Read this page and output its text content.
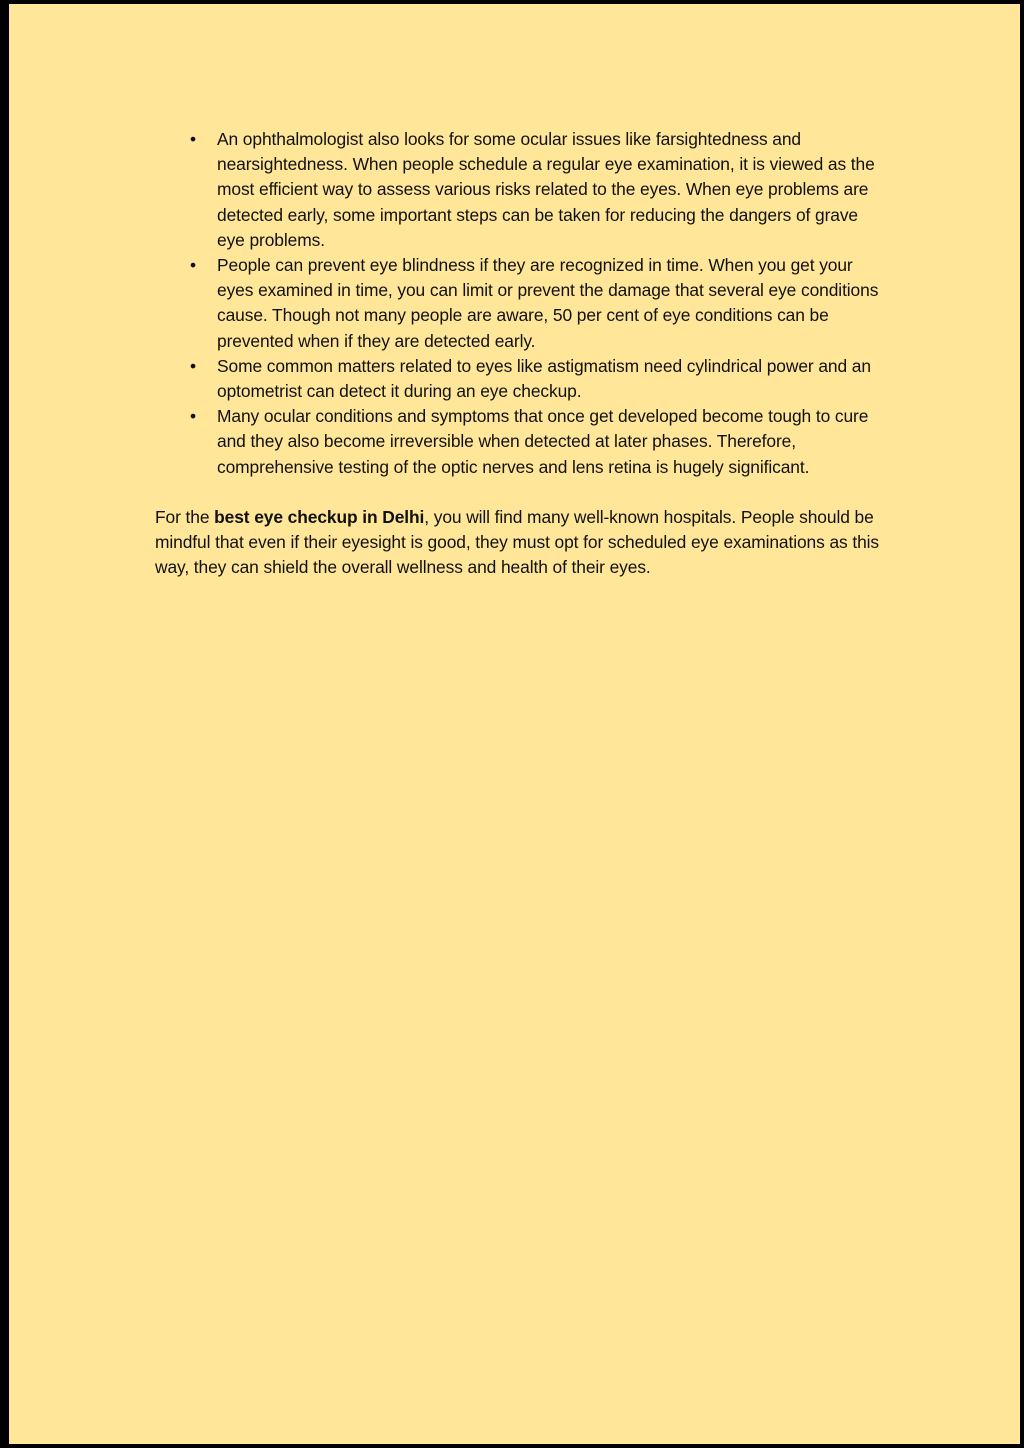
• An ophthalmologist also looks for some ocular issues like farsightedness and nearsightedness. When people schedule a regular eye examination, it is viewed as the most efficient way to assess various risks related to the eyes. When eye problems are detected early, some important steps can be taken for reducing the dangers of grave eye problems.
• People can prevent eye blindness if they are recognized in time. When you get your eyes examined in time, you can limit or prevent the damage that several eye conditions cause. Though not many people are aware, 50 per cent of eye conditions can be prevented when if they are detected early.
• Some common matters related to eyes like astigmatism need cylindrical power and an optometrist can detect it during an eye checkup.
• Many ocular conditions and symptoms that once get developed become tough to cure and they also become irreversible when detected at later phases. Therefore, comprehensive testing of the optic nerves and lens retina is hugely significant.

For the best eye checkup in Delhi, you will find many well-known hospitals. People should be mindful that even if their eyesight is good, they must opt for scheduled eye examinations as this way, they can shield the overall wellness and health of their eyes.
